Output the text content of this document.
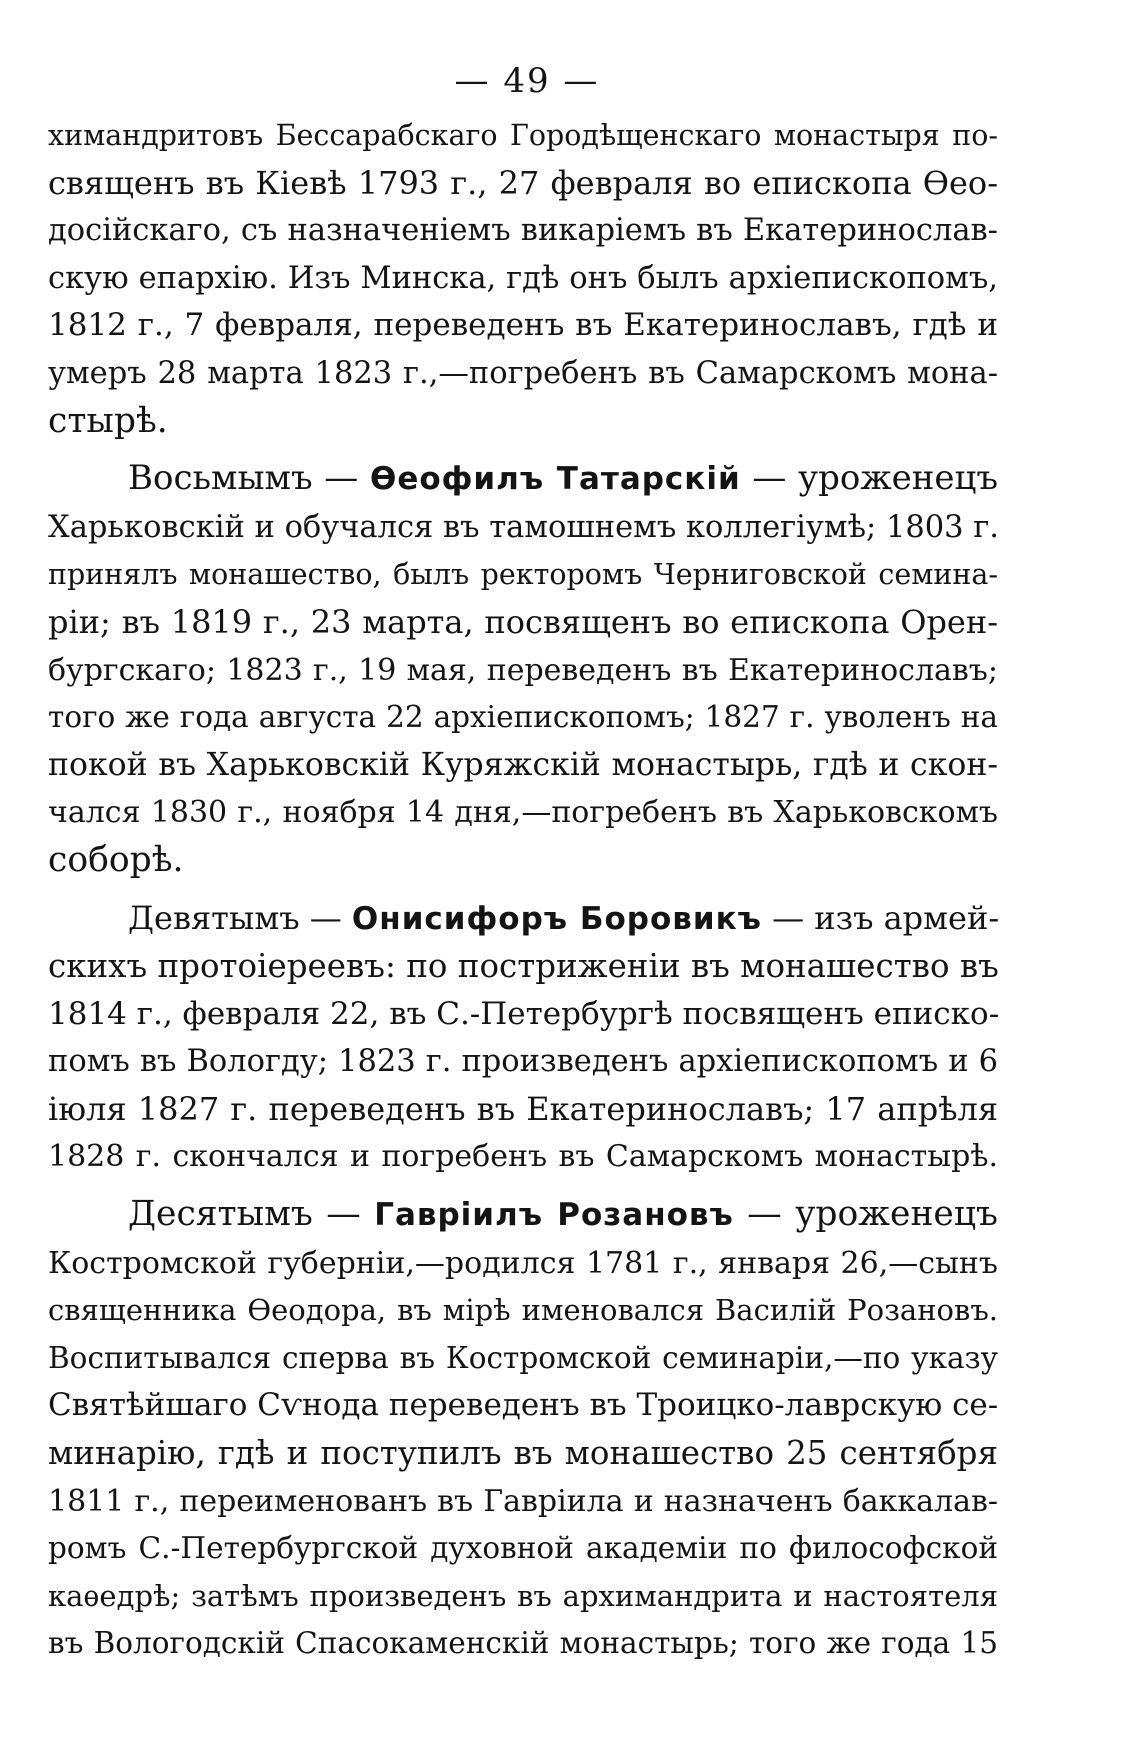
— 49 —
химандритовъ Бессарабскаго Городѣщенскаго монастыря по-
священъ въ Кіевѣ 1793 г., 27 февраля во епископа Ѳео-
досійскаго, съ назначеніемъ викаріемъ въ Екатеринослав-
скую епархію. Изъ Минска, гдѣ онъ былъ архіепископомъ,
1812 г., 7 февраля, переведенъ въ Екатеринославъ, гдѣ и
умеръ 28 марта 1823 г.,—погребенъ въ Самарскомъ мона-
стырѣ.
Восьмымъ — Ѳеофилъ Татарскій — уроженецъ
Харьковскій и обучался въ тамошнемъ коллегіумѣ; 1803 г.
принялъ монашество, былъ ректоромъ Черниговской семина-
ріи; въ 1819 г., 23 марта, посвященъ во епископа Орен-
бургскаго; 1823 г., 19 мая, переведенъ въ Екатеринославъ;
того же года августа 22 архіепископомъ; 1827 г. уволенъ на
покой въ Харьковскій Куряжскій монастырь, гдѣ и скон-
чался 1830 г., ноября 14 дня,—погребенъ въ Харьковскомъ
соборѣ.
Девятымъ — Онисифоръ Боровикъ — изъ армей-
скихъ протоіереевъ: по постриженіи въ монашество въ
1814 г., февраля 22, въ С.-Петербургѣ посвященъ еписко-
помъ въ Вологду; 1823 г. произведенъ архіепископомъ и 6
іюля 1827 г. переведенъ въ Екатеринославъ; 17 апрѣля
1828 г. скончался и погребенъ въ Самарскомъ монастырѣ.
Десятымъ — Гавріилъ Розановъ — уроженецъ
Костромской губерніи,—родился 1781 г., января 26,—сынъ
священника Ѳеодора, въ мірѣ именовался Василій Розановъ.
Воспитывался сперва въ Костромской семинаріи,—по указу
Святѣйшаго Сѵнода переведенъ въ Троицко-лаврскую се-
минарію, гдѣ и поступилъ въ монашество 25 сентября
1811 г., переименованъ въ Гавріила и назначенъ баккалав-
ромъ С.-Петербургской духовной академіи по философской
каѳедрѣ; затѣмъ произведенъ въ архимандрита и настоятеля
въ Вологодскій Спасокаменскій монастырь; того же года 15
